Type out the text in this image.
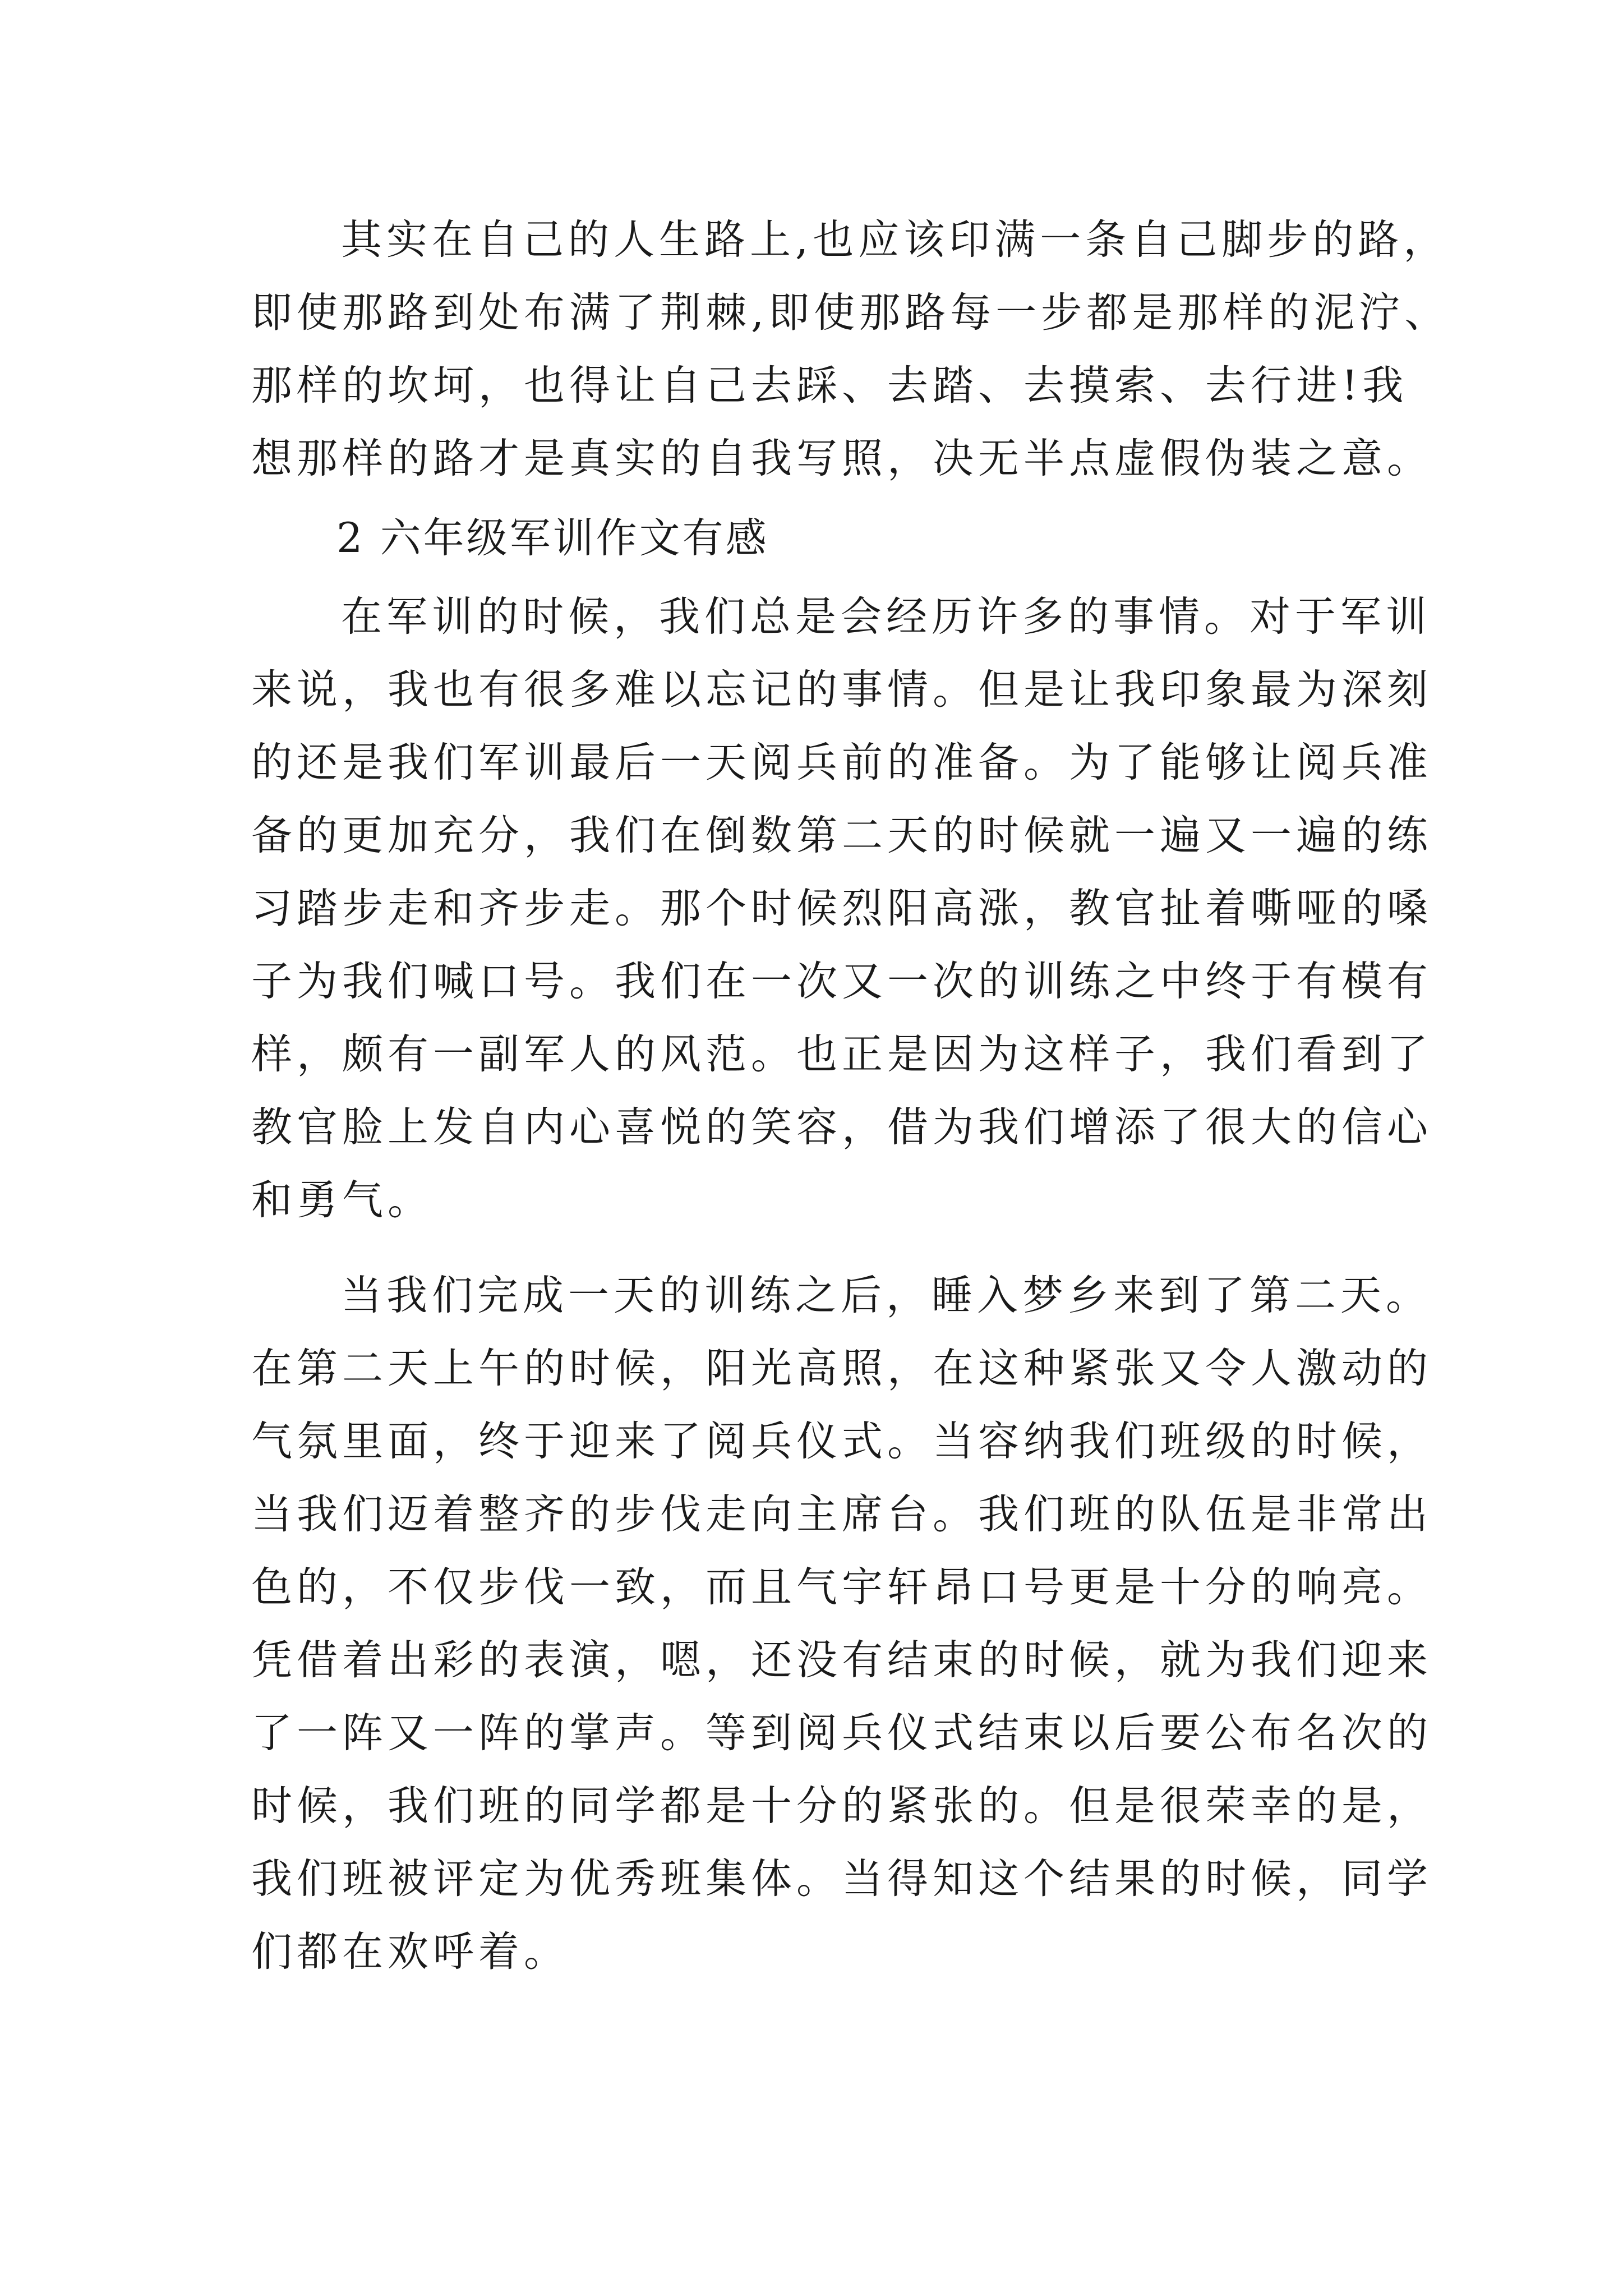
其实在自己的人生路上,也应该印满一条自己脚步的路，
即使那路到处布满了荆棘,即使那路每一步都是那样的泥泞、
那样的坎坷，也得让自己去踩、去踏、去摸索、去行进!我
想那样的路才是真实的自我写照，决无半点虚假伪装之意。
2 六年级军训作文有感
在军训的时候，我们总是会经历许多的事情。对于军训
来说，我也有很多难以忘记的事情。但是让我印象最为深刻
的还是我们军训最后一天阅兵前的准备。为了能够让阅兵准
备的更加充分，我们在倒数第二天的时候就一遍又一遍的练
习踏步走和齐步走。那个时候烈阳高涨，教官扯着嘶哑的嗓
子为我们喊口号。我们在一次又一次的训练之中终于有模有
样，颇有一副军人的风范。也正是因为这样子，我们看到了
教官脸上发自内心喜悦的笑容，借为我们增添了很大的信心
和勇气。
当我们完成一天的训练之后，睡入梦乡来到了第二天。
在第二天上午的时候，阳光高照，在这种紧张又令人激动的
气氛里面，终于迎来了阅兵仪式。当容纳我们班级的时候，
当我们迈着整齐的步伐走向主席台。我们班的队伍是非常出
色的，不仅步伐一致，而且气宇轩昂口号更是十分的响亮。
凭借着出彩的表演，嗯，还没有结束的时候，就为我们迎来
了一阵又一阵的掌声。等到阅兵仪式结束以后要公布名次的
时候，我们班的同学都是十分的紧张的。但是很荣幸的是，
我们班被评定为优秀班集体。当得知这个结果的时候，同学
们都在欢呼着。
